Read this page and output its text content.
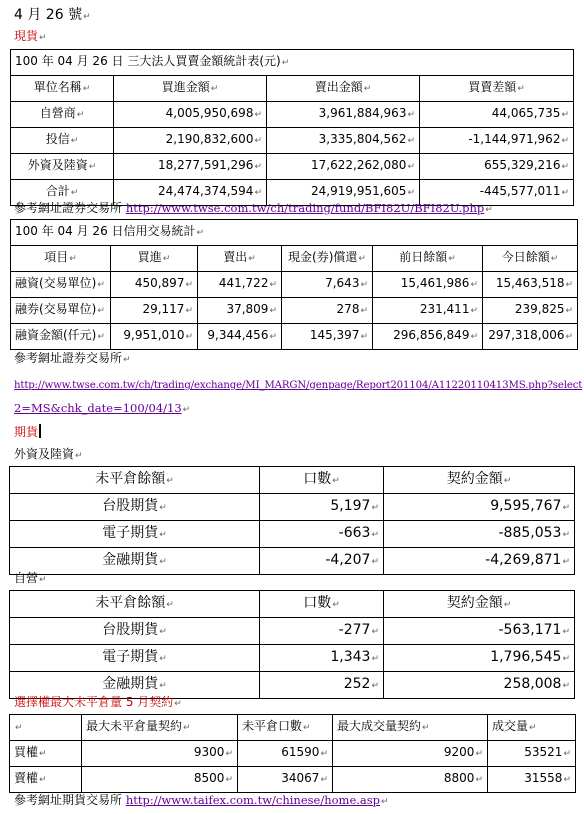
4 月 26 號↵
現貨↵
100 年 04 月 26 日 三大法人買賣金額統計表(元)↵			
單位名稱↵	買進金額↵	賣出金額↵	買賣差額↵
自營商↵	4,005,950,698↵	3,961,884,963↵	44,065,735↵
投信↵	2,190,832,600↵	3,335,804,562↵	-1,144,971,962↵
外資及陸資↵	18,277,591,296↵	17,622,262,080↵	655,329,216↵
合計↵	24,474,374,594↵	24,919,951,605↵	-445,577,011↵
參考網址證券交易所 http://www.twse.com.tw/ch/trading/fund/BFI82U/BFI82U.php↵
100 年 04 月 26 日信用交易統計↵					
項目↵	買進↵	賣出↵	現金(券)償還↵	前日餘額↵	今日餘額↵
融資(交易單位)↵	450,897↵	441,722↵	7,643↵	15,461,986↵	15,463,518↵
融券(交易單位)↵	29,117↵	37,809↵	278↵	231,411↵	239,825↵
融資金額(仟元)↵	9,951,010↵	9,344,456↵	145,397↵	296,856,849↵	297,318,006↵
參考網址證券交易所↵
http://www.twse.com.tw/ch/trading/exchange/MI_MARGN/genpage/Report201104/A11220110413MS.php?select
2=MS&chk_date=100/04/13↵
期貨
外資及陸資↵
未平倉餘額↵	口數↵	契約金額↵
台股期貨↵	5,197↵	9,595,767↵
電子期貨↵	-663↵	-885,053↵
金融期貨↵	-4,207↵	-4,269,871↵
自營↵
未平倉餘額↵	口數↵	契約金額↵
台股期貨↵	-277↵	-563,171↵
電子期貨↵	1,343↵	1,796,545↵
金融期貨↵	252↵	258,008↵
選擇權最大未平倉量 5 月契約↵
↵	最大未平倉量契約↵	未平倉口數↵	最大成交量契約↵	成交量↵
買權↵	9300↵	61590↵	9200↵	53521↵
賣權↵	8500↵	34067↵	8800↵	31558↵
參考網址期貨交易所 http://www.taifex.com.tw/chinese/home.asp↵
